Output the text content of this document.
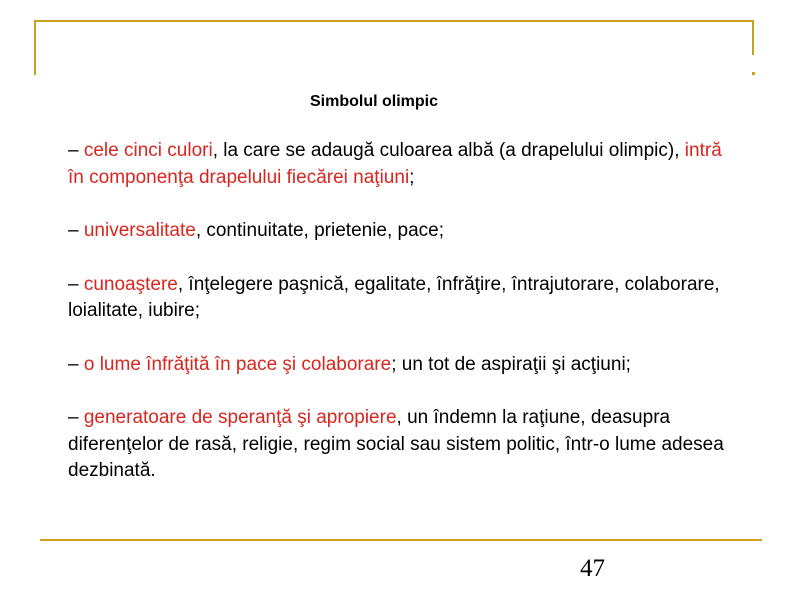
Simbolul olimpic

– cele cinci culori, la care se adaugă culoarea albă (a drapelului olimpic), intră în componenţa drapelului fiecărei naţiuni;

– universalitate, continuitate, prietenie, pace;

– cunoaştere, înţelegere paşnică, egalitate, înfrăţire, întrajutorare, colaborare, loialitate, iubire;

– o lume înfrăţită în pace şi colaborare; un tot de aspiraţii şi acţiuni;

– generatoare de speranţă şi apropiere, un îndemn la raţiune, deasupra diferenţelor de rasă, religie, regim social sau sistem politic, într-o lume adesea dezbinată.

47
